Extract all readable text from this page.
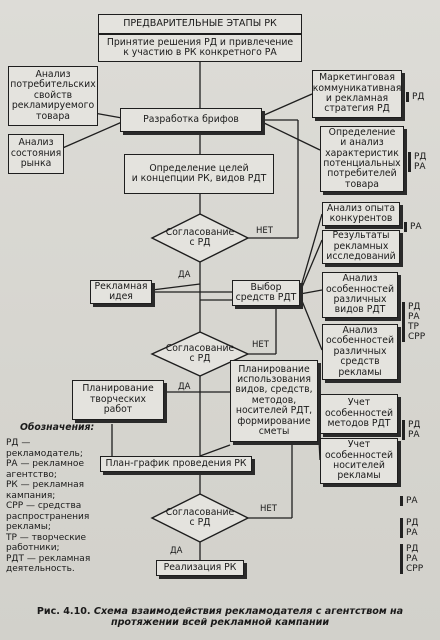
ПРЕДВАРИТЕЛЬНЫЕ ЭТАПЫ РК
Принятие решения РД и привлечение
к участию в РК конкретного РА
Анализ
потребительских
свойств
рекламируемого
товара
Анализ
состояния
рынка
Разработка брифов
Определение целей
и концепции РК, видов РДТ
Маркетинговая
коммуникативная
и рекламная
стратегия РД
Определение
и анализ
характеристик
потенциальных
потребителей
товара
Анализ опыта
конкурентов
Результаты
рекламных
исследований
Рекламная
идея
Выбор
средств РДТ
Анализ
особенностей
различных
видов РДТ
Анализ
особенностей
различных
средств
рекламы
Планирование
творческих
работ
Планирование
использования
видов, средств,
методов,
носителей РДТ,
формирование
сметы
Учет
особенностей
методов РДТ
Учет
особенностей
носителей
рекламы
План-график проведения РК
Реализация РК
Согласование
с РД
Согласование
с РД
Согласование
с РД
НЕТ
ДА
НЕТ
ДА
НЕТ
ДА
РД
РД
РА
РА
РД
РА
ТР
СРР
РД
РА
РА
РД
РА
РД
РА
СРР
Обозначения:
РД — рекламодатель;
РА — рекламное
агентство;
РК — рекламная
кампания;
СРР — средства
распространения
рекламы;
ТР — творческие
работники;
РДТ — рекламная
деятельность.
Рис. 4.10. Схема взаимодействия рекламодателя с агентством на протяжении всей рекламной кампании
